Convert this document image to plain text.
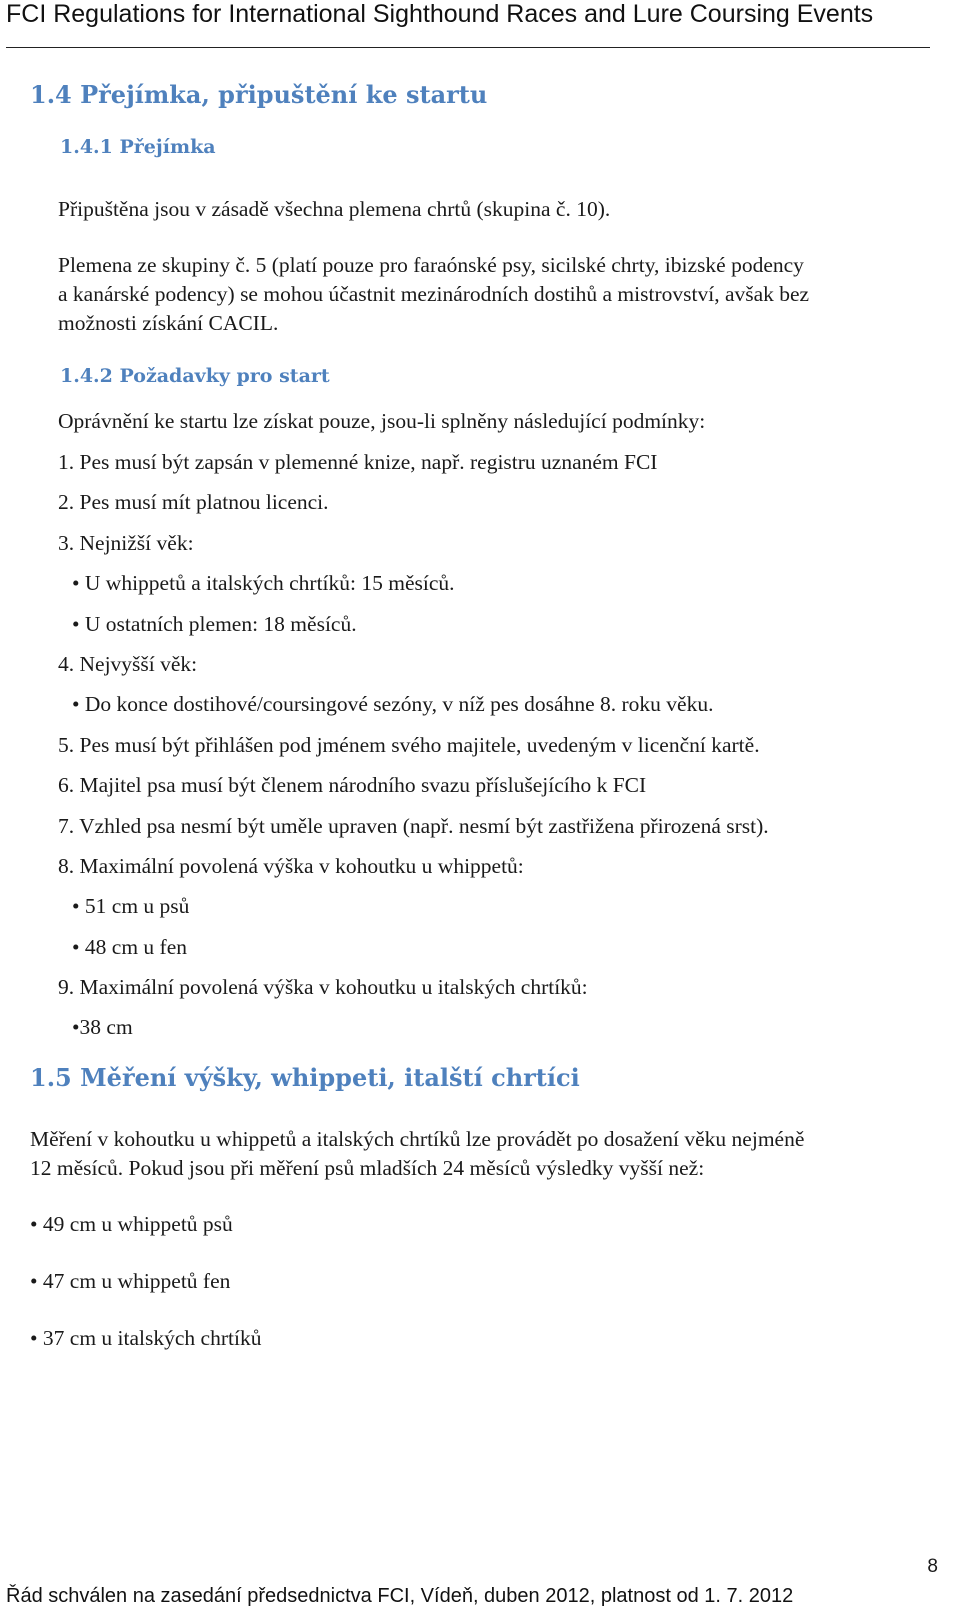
FCI Regulations for International Sighthound Races and Lure Coursing Events
1.4 Přejímka, připuštění ke startu
1.4.1 Přejímka
Připuštěna jsou v zásadě všechna plemena chrtů (skupina č. 10).
Plemena ze skupiny č. 5 (platí pouze pro faraónské psy, sicilské chrty, ibizské podency
a kanárské podency) se mohou účastnit mezinárodních dostihů a mistrovství, avšak bez
možnosti získání CACIL.
1.4.2 Požadavky pro start
Oprávnění ke startu lze získat pouze, jsou-li splněny následující podmínky:
1. Pes musí být zapsán v plemenné knize, např. registru uznaném FCI
2. Pes musí mít platnou licenci.
3. Nejnižší věk:
• U whippetů a italských chrtíků: 15 měsíců.
• U ostatních plemen: 18 měsíců.
4. Nejvyšší věk:
• Do konce dostihové/coursingové sezóny, v níž pes dosáhne 8. roku věku.
5. Pes musí být přihlášen pod jménem svého majitele, uvedeným v licenční kartě.
6. Majitel psa musí být členem národního svazu příslušejícího k FCI
7. Vzhled psa nesmí být uměle upraven (např. nesmí být zastřižena přirozená srst).
8. Maximální povolená výška v kohoutku u whippetů:
• 51 cm u psů
• 48 cm u fen
9. Maximální povolená výška v kohoutku u italských chrtíků:
•38 cm
1.5 Měření výšky, whippeti, italští chrtíci
Měření v kohoutku u whippetů a italských chrtíků lze provádět po dosažení věku nejméně
12 měsíců. Pokud jsou při měření psů mladších 24 měsíců výsledky vyšší než:
• 49 cm u whippetů psů
• 47 cm u whippetů fen
• 37 cm u italských chrtíků
8
Řád schválen na zasedání předsednictva FCI, Vídeň, duben 2012, platnost od 1. 7. 2012
